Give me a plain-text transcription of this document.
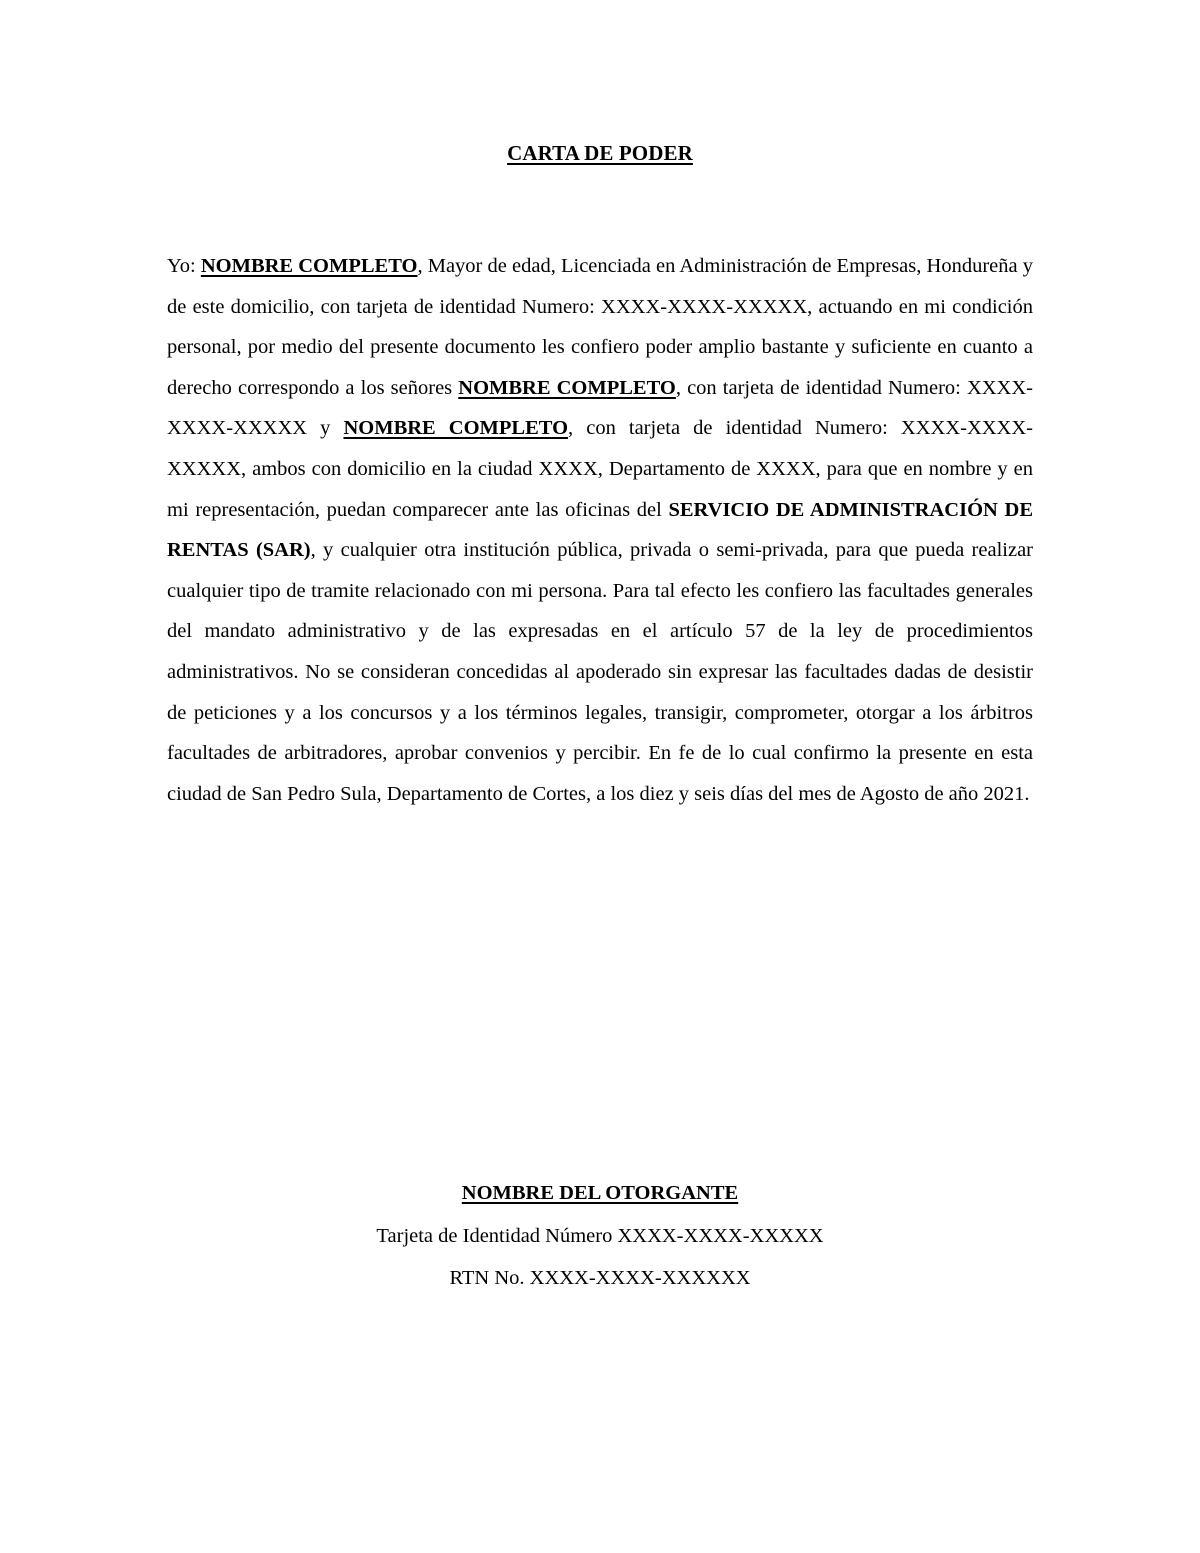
CARTA DE PODER

Yo: NOMBRE COMPLETO, Mayor de edad, Licenciada en Administración de Empresas, Hondureña y de este domicilio, con tarjeta de identidad Numero: XXXX-XXXX-XXXXX, actuando en mi condición personal, por medio del presente documento les confiero poder amplio bastante y suficiente en cuanto a derecho correspondo a los señores NOMBRE COMPLETO, con tarjeta de identidad Numero: XXXX-XXXX-XXXXX y NOMBRE COMPLETO, con tarjeta de identidad Numero: XXXX-XXXX-XXXXX, ambos con domicilio en la ciudad XXXX, Departamento de XXXX, para que en nombre y en mi representación, puedan comparecer ante las oficinas del SERVICIO DE ADMINISTRACIÓN DE RENTAS (SAR), y cualquier otra institución pública, privada o semi-privada, para que pueda realizar cualquier tipo de tramite relacionado con mi persona. Para tal efecto les confiero las facultades generales del mandato administrativo y de las expresadas en el artículo 57 de la ley de procedimientos administrativos. No se consideran concedidas al apoderado sin expresar las facultades dadas de desistir de peticiones y a los concursos y a los términos legales, transigir, comprometer, otorgar a los árbitros facultades de arbitradores, aprobar convenios y percibir. En fe de lo cual confirmo la presente en esta ciudad de San Pedro Sula, Departamento de Cortes, a los diez y seis días del mes de Agosto de año 2021.

NOMBRE DEL OTORGANTE
Tarjeta de Identidad Número XXXX-XXXX-XXXXX
RTN No. XXXX-XXXX-XXXXXX
